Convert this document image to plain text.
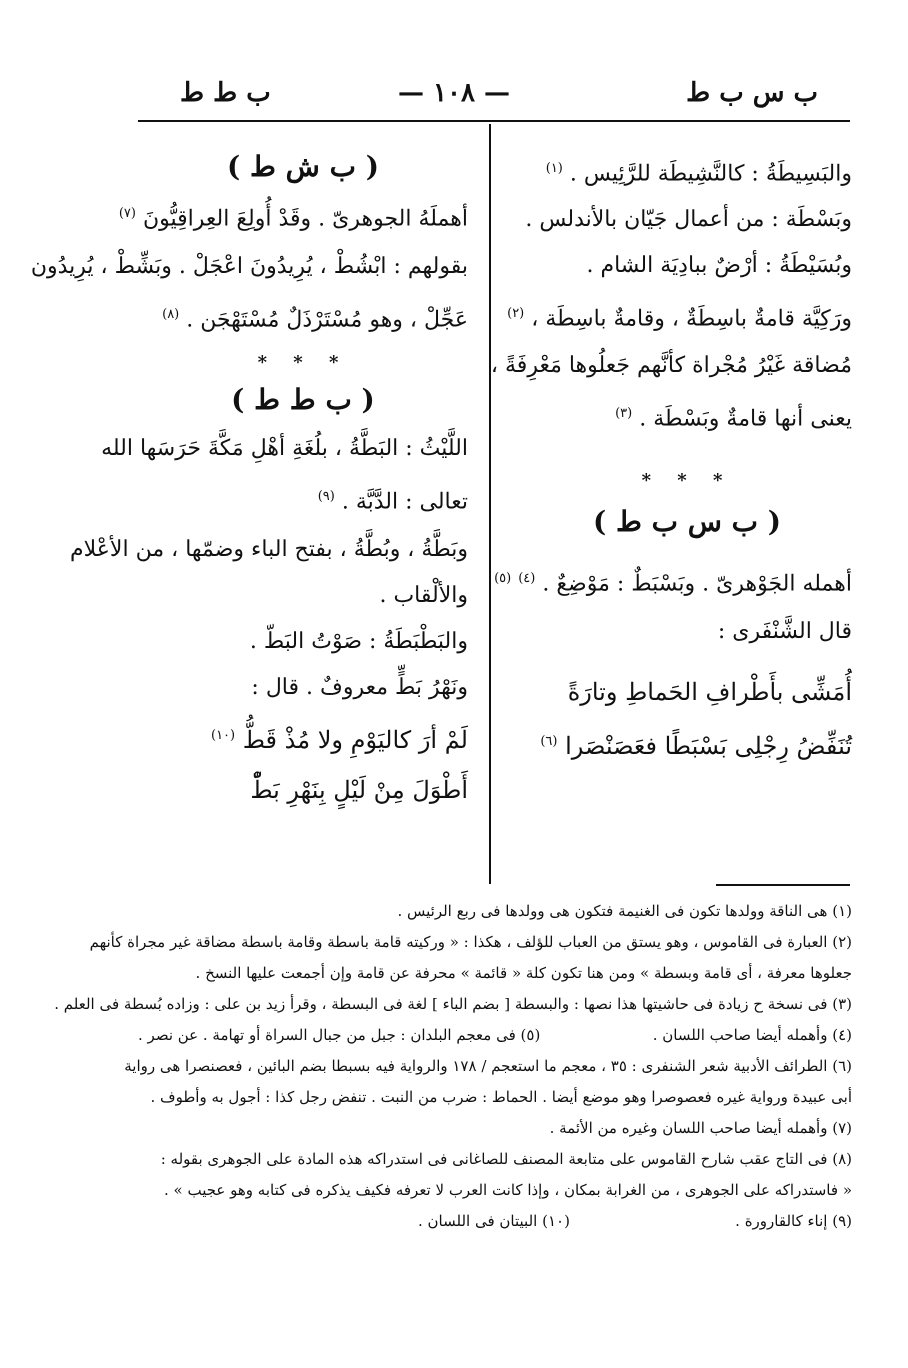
ب س ب ط
— ١٠٨ —
ب ط ط
والبَسِيطَةُ : كالنَّشِيطَة للرَّئِيس . $^{(١)}$
وبَسْطَة : من أعمال جَيّان بالأندلس .
وبُسَيْطَةُ : أرْضٌ ببادِيَة الشام .
ورَكِيَّة قامةٌ باسِطَةٌ ، وقامةٌ باسِطَة ، $^{(٢)}$
مُضاقة غَيْرُ مُجْراة كأنَّهم جَعلُوها مَعْرِفَةً ،
يعنى أنها قامةٌ وبَسْطَة . $^{(٣)}$
* * *
( ب س ب ط )
أهمله الجَوْهرىّ . وبَسْبَطٌ : مَوْضِعٌ . $^{(٤)}$ $^{(٥)}$
قال الشَّنْفَرى :
أُمَشِّى بأَطْرافِ الحَماطِ وتارَةً
تُنَفِّضُ رِجْلِى بَسْبَطًا فعَصَنْصَرا $^{(٦)}$
( ب ش ط )
أهملَهُ الجوهرىّ . وقَدْ أُولِعَ العِراقِيُّونَ $^{(٧)}$
بقولهم : ابْشُطْ ، يُرِيدُونَ اعْجَلْ . وبَشِّطْ ، يُرِيدُون
عَجِّلْ ، وهو مُسْتَرْذَلٌ مُسْتَهْجَن . $^{(٨)}$
* * *
( ب ط ط )
اللَّيْثُ : البَطَّةُ ، بلُغَةِ أهْلِ مَكَّةَ حَرَسَها الله
تعالى : الدَّبَّة . $^{(٩)}$
وبَطَّةُ ، وبُطَّةُ ، بفتح الباء وضمّها ، من الأعْلام
والألْقاب .
والبَطْبَطَةُ : صَوْتُ البَطّ .
ونَهْرُ بَطٍّ معروفٌ . قال :
لَمْ أرَ كاليَوْمِ ولا مُذْ قَطُّ $^{(١٠)}$
أَطْوَلَ مِنْ لَيْلٍ بِنَهْرِ بَطّْ
(١) هى الناقة وولدها تكون فى الغنيمة فتكون هى وولدها فى ربع الرئيس .
(٢) العبارة فى القاموس ، وهو يستق من العباب للؤلف ، هكذا : « وركيته قامة باسطة وقامة باسطة مضاقة غير مجراة كأنهم
جعلوها معرفة ، أى قامة وبسطة » ومن هنا تكون كلة « قائمة » محرفة عن قامة وإن أجمعت عليها النسخ .
(٣) فى نسخة ح زيادة فى حاشيتها هذا نصها : والبسطة [ بضم الباء ] لغة فى البسطة ، وقرأ زيد بن على : وزاده بُسطة فى العلم .
(٤) وأهمله أيضا صاحب اللسان .
(٥) فى معجم البلدان : جبل من جبال السراة أو تهامة . عن نصر .
(٦) الطرائف الأدبية شعر الشنفرى : ٣٥ ، معجم ما استعجم / ١٧٨ والرواية فيه بسبطا بضم البائين ، فعصنصرا هى رواية
أبى عبيدة ورواية غيره فعصوصرا وهو موضع أيضا . الحماط : ضرب من النبت . تنفض رجل كذا : أجول به وأطوف .
(٧) وأهمله أيضا صاحب اللسان وغيره من الأئمة .
(٨) فى التاج عقب شارح القاموس على متابعة المصنف للصاغانى فى استدراكه هذه المادة على الجوهرى بقوله :
« فاستدراكه على الجوهرى ، من الغرابة بمكان ، وإذا كانت العرب لا تعرفه فكيف يذكره فى كتابه وهو عجيب » .
(٩) إناء كالقارورة .
(١٠) البيتان فى اللسان .
